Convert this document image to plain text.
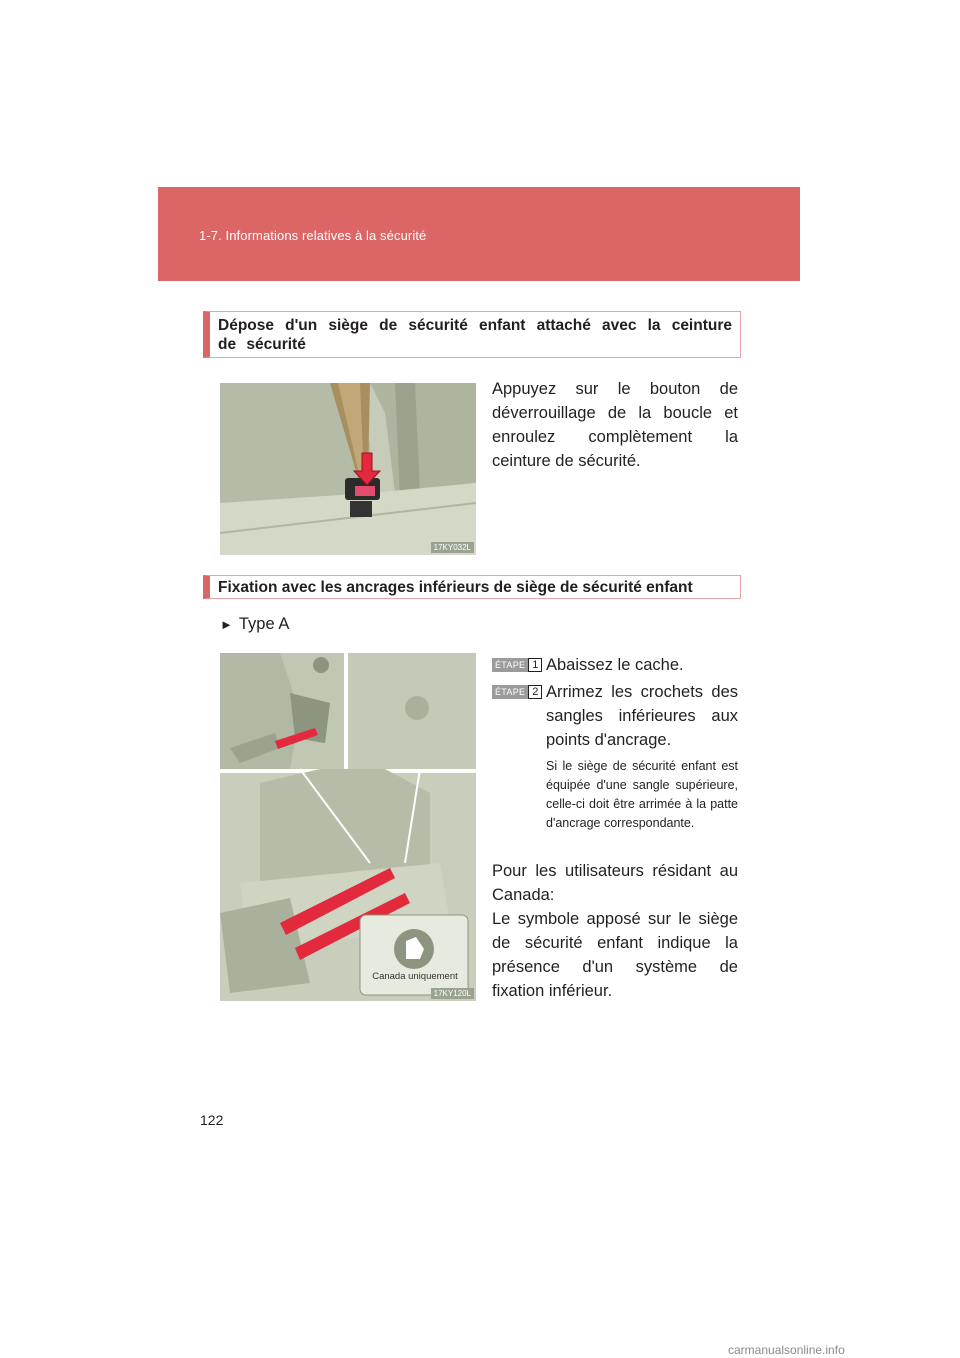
1-7. Informations relatives à la sécurité
Dépose d'un siège de sécurité enfant attaché avec la ceinture de sécurité
17KY032L
Appuyez sur le bouton de déverrouillage de la boucle et enroulez complètement la ceinture de sécurité.
Fixation avec les ancrages inférieurs de siège de sécurité enfant
► Type A
17KY120L
Canada uniquement
ÉTAPE 1 Abaissez le cache.
ÉTAPE 2 Arrimez les crochets des sangles inférieures aux points d'ancrage.
Si le siège de sécurité enfant est équipée d'une sangle supérieure, celle-ci doit être arrimée à la patte d'ancrage correspondante.
Pour les utilisateurs résidant au Canada:
Le symbole apposé sur le siège de sécurité enfant indique la présence d'un système de fixation inférieur.
122
carmanualsonline.info
